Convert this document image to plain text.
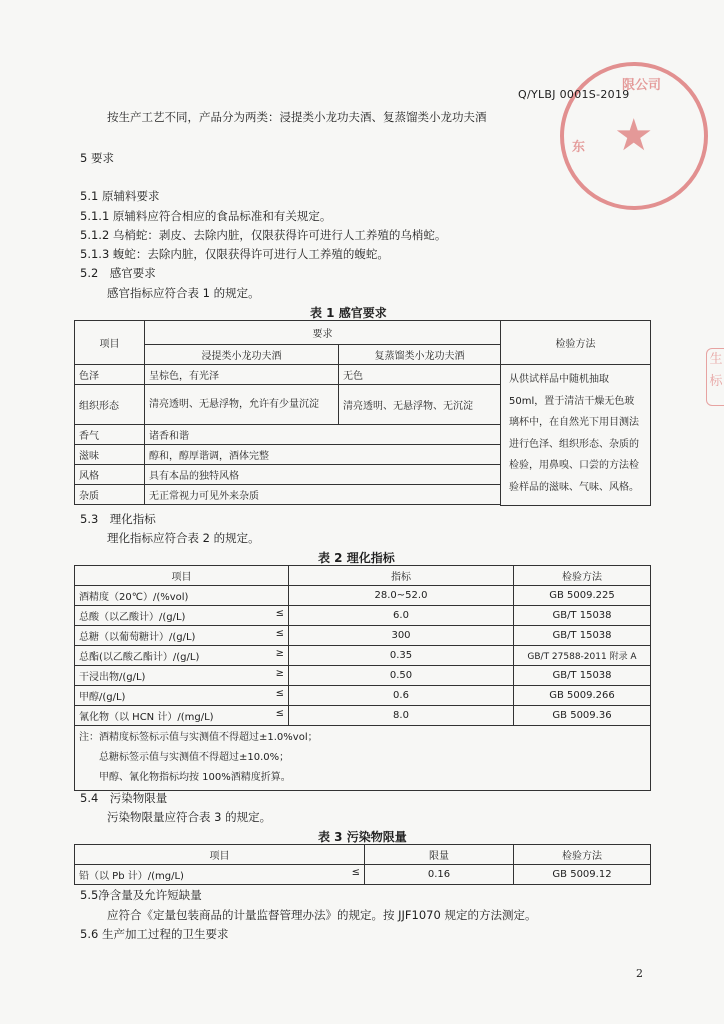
★
限公司
东
生
标
Q/YLBJ 0001S-2019
按生产工艺不同，产品分为两类：浸提类小龙功夫酒、复蒸馏类小龙功夫酒
5 要求
5.1 原辅料要求
5.1.1 原辅料应符合相应的食品标准和有关规定。
5.1.2 乌梢蛇：剥皮、去除内脏，仅限获得许可进行人工养殖的乌梢蛇。
5.1.3 蝮蛇：去除内脏，仅限获得许可进行人工养殖的蝮蛇。
5.2　感官要求
感官指标应符合表 1 的规定。
表 1 感官要求
项目	要求		检验方法
	浸提类小龙功夫酒	复蒸馏类小龙功夫酒	
色泽	呈棕色，有光泽	无色	从供试样品中随机抽取50ml，置于清洁干燥无色玻璃杯中，在自然光下用目测法进行色泽、组织形态、杂质的检验，用鼻嗅、口尝的方法检验样品的滋味、气味、风格。
组织形态	清亮透明、无悬浮物，允许有少量沉淀	清亮透明、无悬浮物、无沉淀	
香气	诸香和谐		
滋味	醇和，醇厚谐调，酒体完整		
风格	具有本品的独特风格		
杂质	无正常视力可见外来杂质		

5.3　理化指标
理化指标应符合表 2 的规定。
表 2 理化指标
项目	指标	检验方法
酒精度（20℃）/(%vol)	28.0~52.0	GB 5009.225
总酸（以乙酸计）/(g/L) ≤	6.0	GB/T 15038
总糖（以葡萄糖计）/(g/L) ≤	300	GB/T 15038
总酯(以乙酸乙酯计）/(g/L) ≥	0.35	GB/T 27588-2011 附录 A
干浸出物/(g/L) ≥	0.50	GB/T 15038
甲醇/(g/L) ≤	0.6	GB 5009.266
氰化物（以 HCN 计）/(mg/L) ≤	8.0	GB 5009.36

注：酒精度标签标示值与实测值不得超过±1.0%vol；
总糖标签示值与实测值不得超过±10.0%；
甲醇、氰化物指标均按 100%酒精度折算。		
5.4　污染物限量
污染物限量应符合表 3 的规定。
表 3 污染物限量
项目	限量	检验方法
铅（以 Pb 计）/(mg/L) ≤	0.16	GB 5009.12
5.5净含量及允许短缺量
应符合《定量包装商品的计量监督管理办法》的规定。按 JJF1070 规定的方法测定。
5.6 生产加工过程的卫生要求
2
